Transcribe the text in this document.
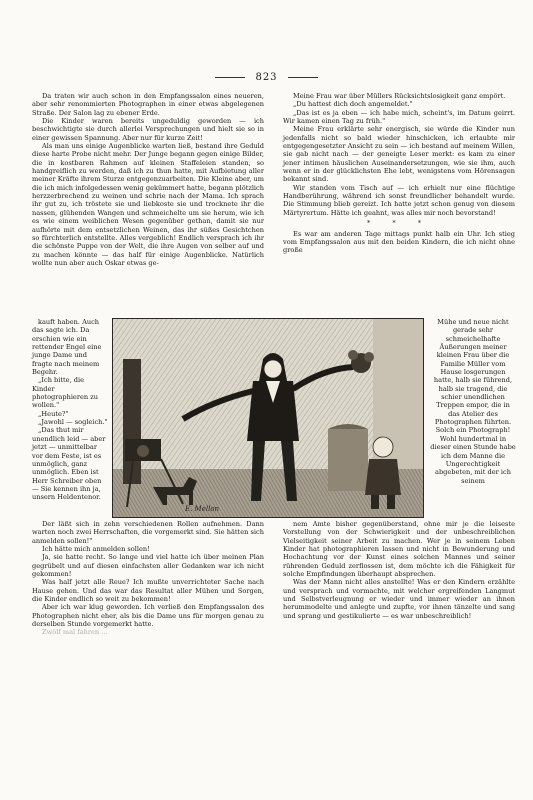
823

Da traten wir auch schon in den Empfangssalon eines neueren, aber sehr renommierten Photographen in einer etwas abgelegenen Straße. Der Salon lag zu ebener Erde.

Die Kinder waren bereits ungeduldig geworden — ich beschwichtigte sie durch allerlei Versprechungen und hielt sie so in einer gewissen Spannung. Aber nur für kurze Zeit!

Als man uns einige Augenblicke warten ließ, bestand ihre Geduld diese harte Probe nicht mehr. Der Junge begann gegen einige Bilder, die in kostbaren Rahmen auf kleinen Staffeleien standen, so handgreiflich zu werden, daß ich zu thun hatte, mit Aufbietung aller meiner Kräfte ihrem Sturze entgegenzuarbeiten. Die Kleine aber, um die ich mich infolgedessen wenig gekümmert hatte, begann plötzlich herzzerbrechend zu weinen und schrie nach der Mama. Ich sprach ihr gut zu, ich tröstete sie und liebkoste sie und trocknete ihr die nassen, glühenden Wangen und schmeichelte um sie herum, wie ich es wie einem weiblichen Wesen gegenüber gethan, damit sie nur aufhörte mit dem entsetzlichen Weinen, das ihr süßes Gesichtchen so fürchterlich entstellte. Alles vergeblich! Endlich versprach ich ihr die schönste Puppe von der Welt, die ihre Augen von selber auf und zu machen könnte — das half für einige Augenblicke. Natürlich wollte nun aber auch Oskar etwas ge-

Meine Frau war über Müllers Rücksichtslosigkeit ganz empört.

„Du hattest dich doch angemeldet."

„Das ist es ja eben — ich habe mich, scheint's, im Datum geirrt. Wir kamen einen Tag zu früh."

Meine Frau erklärte sehr energisch, sie würde die Kinder nun jedenfalls nicht so bald wieder hinschicken, ich erlaubte mir entgegengesetzter Ansicht zu sein — ich bestand auf meinem Willen, sie gab nicht nach — der geneigte Leser merkt: es kam zu einer jener intimen häuslichen Auseinandersetzungen, wie sie ihm, auch wenn er in der glücklichsten Ehe lebt, wenigstens vom Hörensagen bekannt sind.

Wir standen vom Tisch auf — ich erhielt nur eine flüchtige Handberührung, während ich sonst freundlicher behandelt wurde. Die Stimmung blieb gereizt. Ich hatte jetzt schon genug von diesem Märtyrertum. Hätte ich geahnt, was alles mir noch bevorstand!

* * *

Es war am anderen Tage mittags punkt halb ein Uhr. Ich stieg vom Empfangssalon aus mit den beiden Kindern, die ich nicht ohne große

kauft haben. Auch das sagte ich. Da erschien wie ein rettender Engel eine junge Dame und fragte nach meinem Begehr.

„Ich bitte, die Kinder photographieren zu wollen."

„Heute?"

„Jawohl — sogleich."

„Das thut mir unendlich leid — aber jetzt — unmittelbar vor dem Feste, ist es unmöglich, ganz unmöglich. Eben ist Herr Schreiber oben — Sie kennen ihn ja, unsern Heldentenor.

E. Mellon

Mühe und neue nicht gerade sehr schmeichelhafte Äußerungen meiner kleinen Frau über die Familie Müller vom Hause losgerungen hatte, halb sie führend, halb sie tragend, die schier unendlichen Treppen empor, die in das Atelier des Photographen führten.

Solch ein Photograph!

Wohl hundertmal in dieser einen Stunde habe ich dem Manne die Ungerechtigkeit abgebeten, mit der ich seinem

Der läßt sich in zehn verschiedenen Rollen aufnehmen. Dann warten noch zwei Herrschaften, die vorgemerkt sind. Sie hätten sich anmelden sollen!"

Ich hätte mich anmelden sollen!

Ja, sie hatte recht. So lange und viel hatte ich über meinen Plan gegrübelt und auf diesen einfachsten aller Gedanken war ich nicht gekommen!

Was half jetzt alle Reue? Ich mußte unverrichteter Sache nach Hause gehen. Und das war das Resultat aller Mühen und Sorgen, die Kinder endlich so weit zu bekommen!

Aber ich war klug geworden. Ich verließ den Empfangssalon des Photographen nicht eher, als bis die Dame uns für morgen genau zu derselben Stunde vorgemerkt hatte.

Zwölf mal fahren ...

nem Amte bisher gegenüberstand, ohne mir je die leiseste Vorstellung von der Schwierigkeit und der unbeschreiblichen Vielseitigkeit seiner Arbeit zu machen. Wer je in seinem Leben Kinder hat photographieren lassen und nicht in Bewunderung und Hochachtung vor der Kunst eines solchen Mannes und seiner rührenden Geduld zerflossen ist, dem möchte ich die Fähigkeit für solche Empfindungen überhaupt absprechen.

Was der Mann nicht alles anstellte! Was er den Kindern erzählte und versprach und vormachte, mit welcher ergreifenden Langmut und Selbstverleugnung er wieder und immer wieder an ihnen herummodelte und anlegte und zupfte, vor ihnen tänzelte und sang und sprang und gestikulierte — es war unbeschreiblich!
